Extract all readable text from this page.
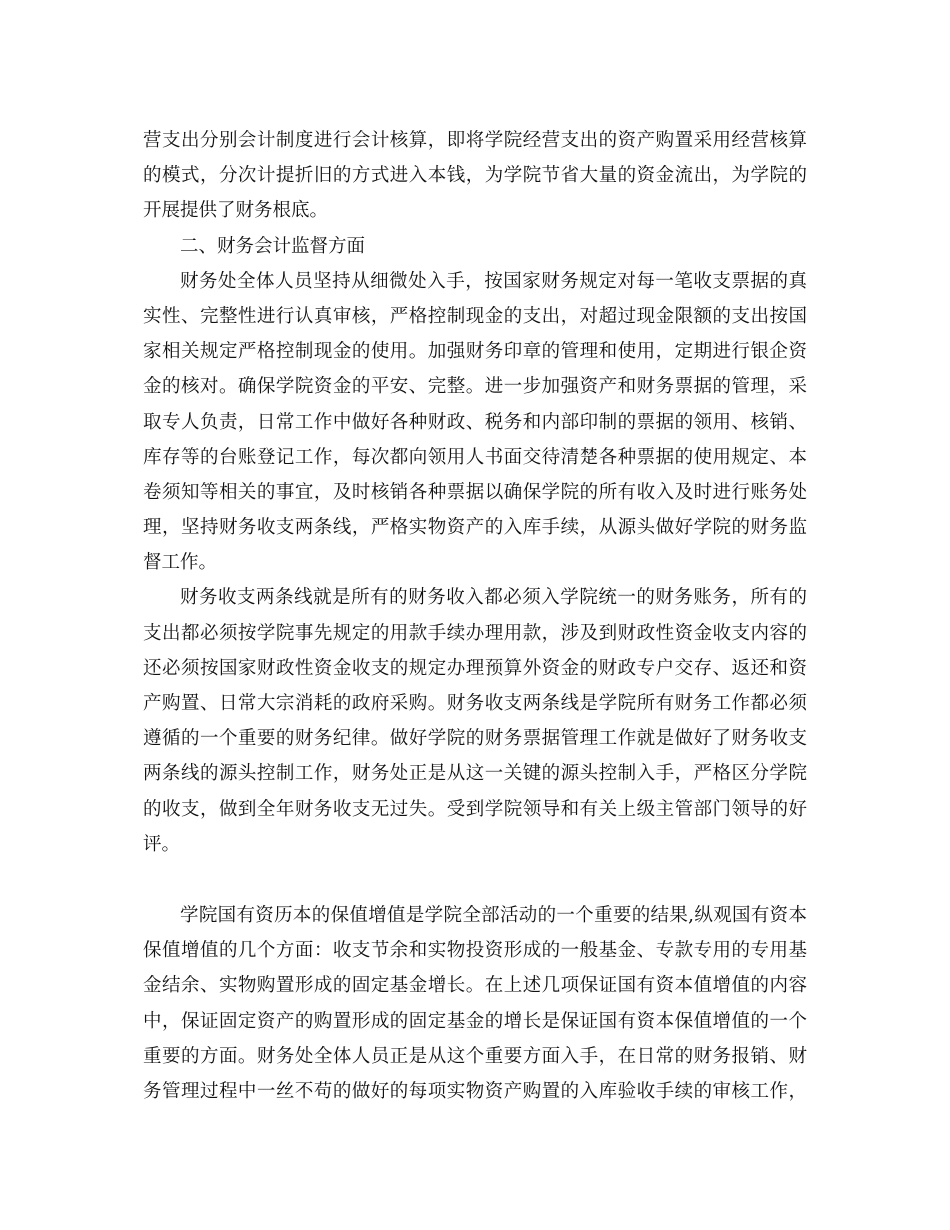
营支出分别会计制度进行会计核算，即将学院经营支出的资产购置采用经营核算
的模式，分次计提折旧的方式进入本钱，为学院节省大量的资金流出，为学院的
开展提供了财务根底。
二、财务会计监督方面
财务处全体人员坚持从细微处入手，按国家财务规定对每一笔收支票据的真
实性、完整性进行认真审核，严格控制现金的支出，对超过现金限额的支出按国
家相关规定严格控制现金的使用。加强财务印章的管理和使用，定期进行银企资
金的核对。确保学院资金的平安、完整。进一步加强资产和财务票据的管理，采
取专人负责，日常工作中做好各种财政、税务和内部印制的票据的领用、核销、
库存等的台账登记工作，每次都向领用人书面交待清楚各种票据的使用规定、本
卷须知等相关的事宜，及时核销各种票据以确保学院的所有收入及时进行账务处
理，坚持财务收支两条线，严格实物资产的入库手续，从源头做好学院的财务监
督工作。
财务收支两条线就是所有的财务收入都必须入学院统一的财务账务，所有的
支出都必须按学院事先规定的用款手续办理用款，涉及到财政性资金收支内容的
还必须按国家财政性资金收支的规定办理预算外资金的财政专户交存、返还和资
产购置、日常大宗消耗的政府采购。财务收支两条线是学院所有财务工作都必须
遵循的一个重要的财务纪律。做好学院的财务票据管理工作就是做好了财务收支
两条线的源头控制工作，财务处正是从这一关键的源头控制入手，严格区分学院
的收支，做到全年财务收支无过失。受到学院领导和有关上级主管部门领导的好
评。
学院国有资历本的保值增值是学院全部活动的一个重要的结果,纵观国有资本
保值增值的几个方面：收支节余和实物投资形成的一般基金、专款专用的专用基
金结余、实物购置形成的固定基金增长。在上述几项保证国有资本值增值的内容
中，保证固定资产的购置形成的固定基金的增长是保证国有资本保值增值的一个
重要的方面。财务处全体人员正是从这个重要方面入手，在日常的财务报销、财
务管理过程中一丝不苟的做好的每项实物资产购置的入库验收手续的审核工作，
